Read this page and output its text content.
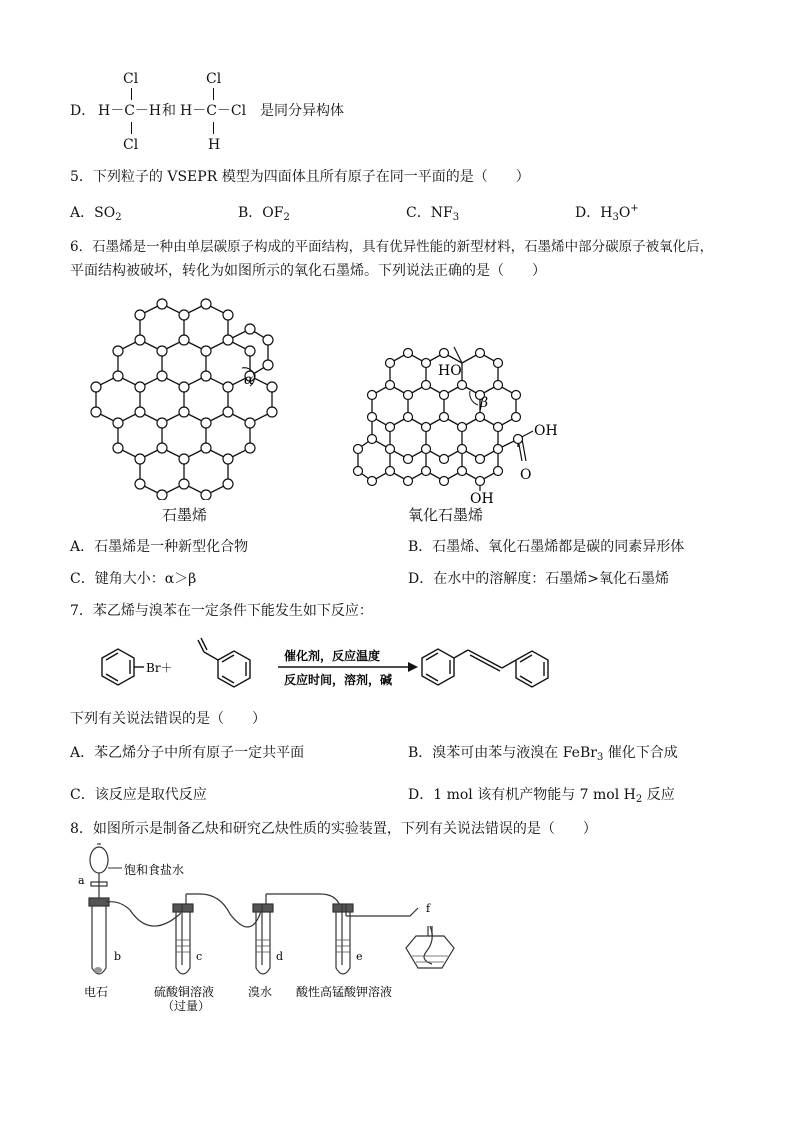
D．
Cl
H－C－H
Cl
和
Cl
H－C－Cl
H
是同分异构体
5．下列粒子的 VSEPR 模型为四面体且所有原子在同一平面的是（　　）
A．$SO_2$	B．$OF_2$	C．$NF_3$	D．$H_3O^+$
6．石墨烯是一种由单层碳原子构成的平面结构，具有优异性能的新型材料，石墨烯中部分碳原子被氧化后，
平面结构被破坏，转化为如图所示的氧化石墨烯。下列说法正确的是（　　）
α
石墨烯
HO
β
OH
O
OH
氧化石墨烯
A．石墨烯是一种新型化合物	B．石墨烯、氧化石墨烯都是碳的同素异形体
C．键角大小：α＞β	D．在水中的溶解度：石墨烯>氧化石墨烯
7．苯乙烯与溴苯在一定条件下能发生如下反应：
Br＋
催化剂，反应温度
反应时间，溶剂，碱
下列有关说法错误的是（　　）
A．苯乙烯分子中所有原子一定共平面	B．溴苯可由苯与液溴在 FeBr$_3$ 催化下合成
C．该反应是取代反应	D．1 mol 该有机产物能与 7 mol $H_2$ 反应
8．如图所示是制备乙炔和研究乙炔性质的实验装置，下列有关说法错误的是（　　）
饱和食盐水
a
b	c	d	e
f
电石	硫酸铜溶液
（过量）
溴水 酸性高锰酸钾溶液
